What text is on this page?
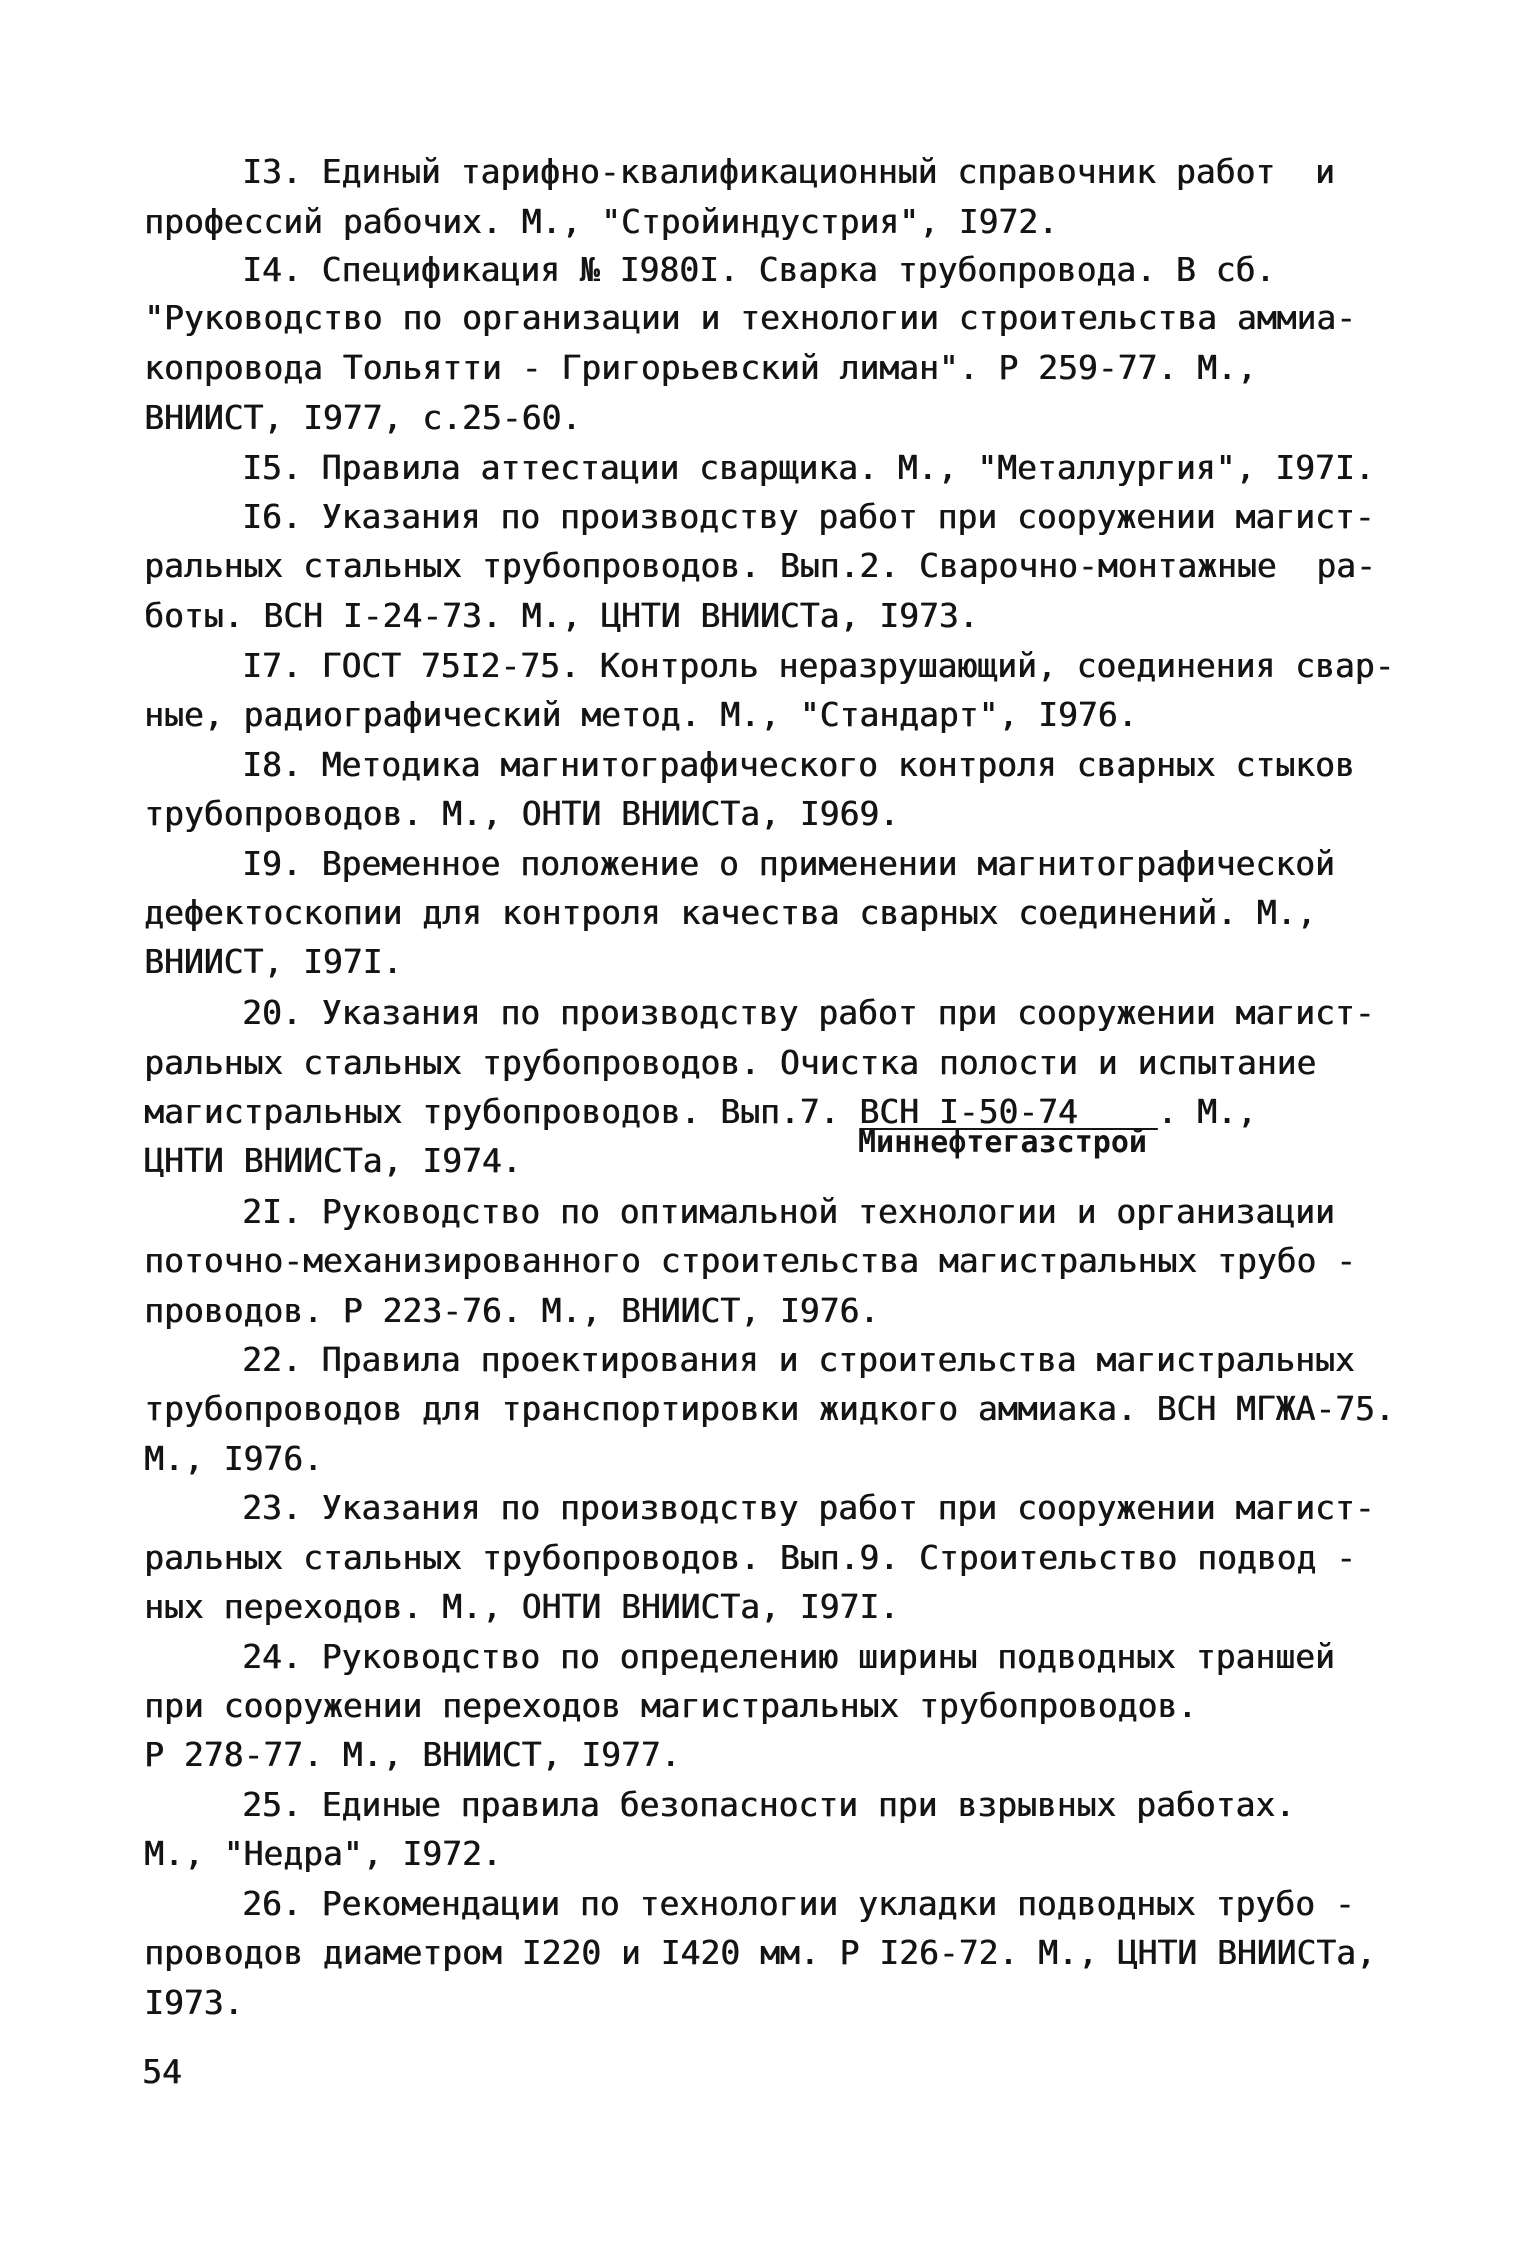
I3. Единый тарифно-квалификационный справочник работ  и
профессий рабочих. М., "Стройиндустрия", I972.
I4. Спецификация № I980I. Сварка трубопровода. В сб.
"Руководство по организации и технологии строительства аммиа-
копровода Тольятти - Григорьевский лиман". Р 259-77. М.,
ВНИИСТ, I977, с.25-60.
I5. Правила аттестации сварщика. М., "Металлургия", I97I.
I6. Указания по производству работ при сооружении магист-
ральных стальных трубопроводов. Вып.2. Сварочно-монтажные  ра-
боты. ВСН I-24-73. М., ЦНТИ ВНИИСТа, I973.
I7. ГОСТ 75I2-75. Контроль неразрушающий, соединения свар-
ные, радиографический метод. М., "Стандарт", I976.
I8. Методика магнитографического контроля сварных стыков
трубопроводов. М., ОНТИ ВНИИСТа, I969.
I9. Временное положение о применении магнитографической
дефектоскопии для контроля качества сварных соединений. М.,
ВНИИСТ, I97I.
20. Указания по производству работ при сооружении магист-
ральных стальных трубопроводов. Очистка полости и испытание
магистральных трубопроводов. Вып.7. ВСН I-50-74    . М.,
Миннефтегазстрой
ЦНТИ ВНИИСТа, I974.
2I. Руководство по оптимальной технологии и организации
поточно-механизированного строительства магистральных трубо -
проводов. Р 223-76. М., ВНИИСТ, I976.
22. Правила проектирования и строительства магистральных
трубопроводов для транспортировки жидкого аммиака. ВСН МГЖА-75.
М., I976.
23. Указания по производству работ при сооружении магист-
ральных стальных трубопроводов. Вып.9. Строительство подвод -
ных переходов. М., ОНТИ ВНИИСТа, I97I.
24. Руководство по определению ширины подводных траншей
при сооружении переходов магистральных трубопроводов.
Р 278-77. М., ВНИИСТ, I977.
25. Единые правила безопасности при взрывных работах.
М., "Недра", I972.
26. Рекомендации по технологии укладки подводных трубо -
проводов диаметром I220 и I420 мм. Р I26-72. М., ЦНТИ ВНИИСТа,
I973.
54
